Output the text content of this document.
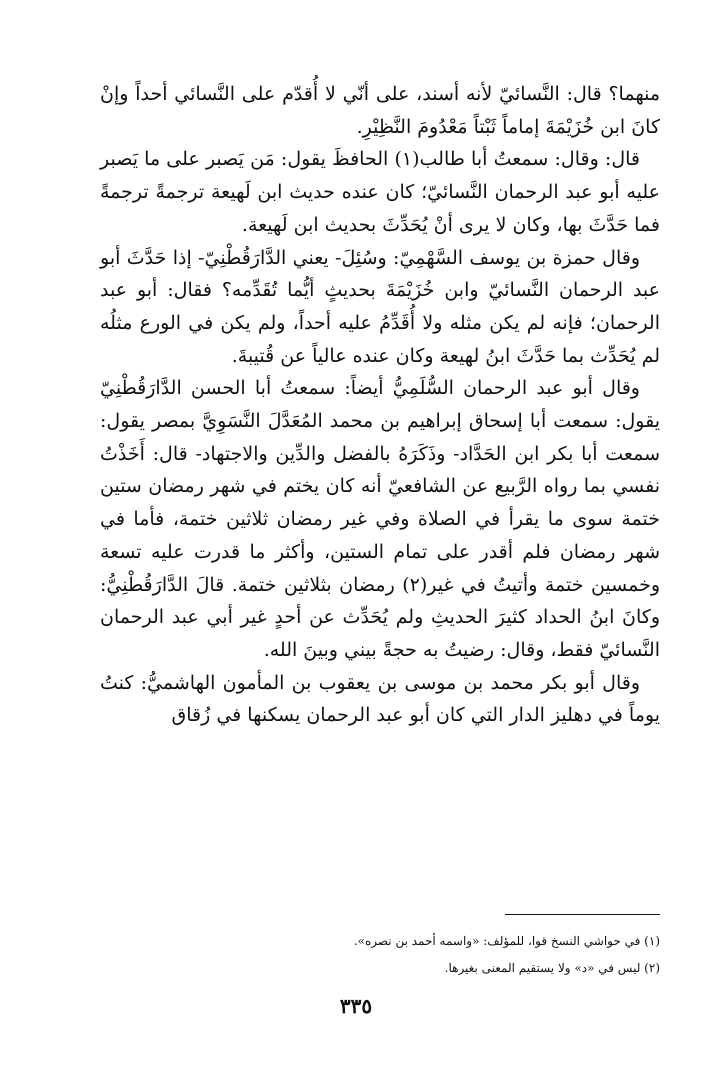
منهما؟ قال: النَّسائيّ لأنه أسند، على أنّي لا أُقدّم على النَّسائي أحداً وإنْ كانَ ابن خُزَيْمَةَ إماماً ثَبْتاً مَعْدُومَ النَّظِيْرِ.

قال: وقال: سمعتُ أبا طالب(١) الحافظَ يقول: مَن يَصبر على ما يَصبر عليه أبو عبد الرحمان النَّسائيّ؛ كان عنده حديث ابن لَهيعة ترجمةً ترجمةً فما حَدَّثَ بها، وكان لا يرى أنْ يُحَدِّثَ بحديث ابن لَهيعة.

وقال حمزة بن يوسف السَّهْمِيّ: وسُئِلَ- يعني الدَّارَقُطْنِيّ- إذا حَدَّثَ أبو عبد الرحمان النَّسائيّ وابن خُزَيْمَةَ بحديثٍ أيُّما تُقَدِّمه؟ فقال: أبو عبد الرحمان؛ فإنه لم يكن مثله ولا أُقَدِّمُ عليه أحداً، ولم يكن في الورع مثلُه لم يُحَدِّث بما حَدَّثَ ابنُ لهيعة وكان عنده عالياً عن قُتيبةَ.

وقال أبو عبد الرحمان السُّلَمِيُّ أيضاً: سمعتُ أبا الحسن الدَّارَقُطْنِيّ يقول: سمعت أبا إسحاق إبراهيم بن محمد المُعَدَّلَ النَّسَوِيَّ بمصر يقول: سمعت أبا بكر ابن الحَدَّاد- وذَكَرَهُ بالفضل والدِّين والاجتهاد- قال: أَخَذْتُ نفسي بما رواه الرَّبيع عن الشافعيّ أنه كان يختم في شهر رمضان ستين ختمة سوى ما يقرأ في الصلاة وفي غير رمضان ثلاثين ختمة، فأما في شهر رمضان فلم أقدر على تمام الستين، وأكثر ما قدرت عليه تسعة وخمسين ختمة وأتيتُ في غير(٢) رمضان بثلاثين ختمة. قالَ الدَّارَقُطْنِيُّ: وكانَ ابنُ الحداد كثيرَ الحديثِ ولم يُحَدِّث عن أحدٍ غير أبي عبد الرحمان النَّسائيّ فقط، وقال: رضيتُ به حجةً بيني وبينَ الله.

وقال أبو بكر محمد بن موسى بن يعقوب بن المأمون الهاشميُّ: كنتُ يوماً في دهليز الدار التي كان أبو عبد الرحمان يسكنها في زُقاق

(١) في حواشي النسخ قوا، للمؤلف: «واسمه أحمد بن نصره».

(٢) ليس في «د» ولا يستقيم المعنى بغيرها.

٣٣٥
